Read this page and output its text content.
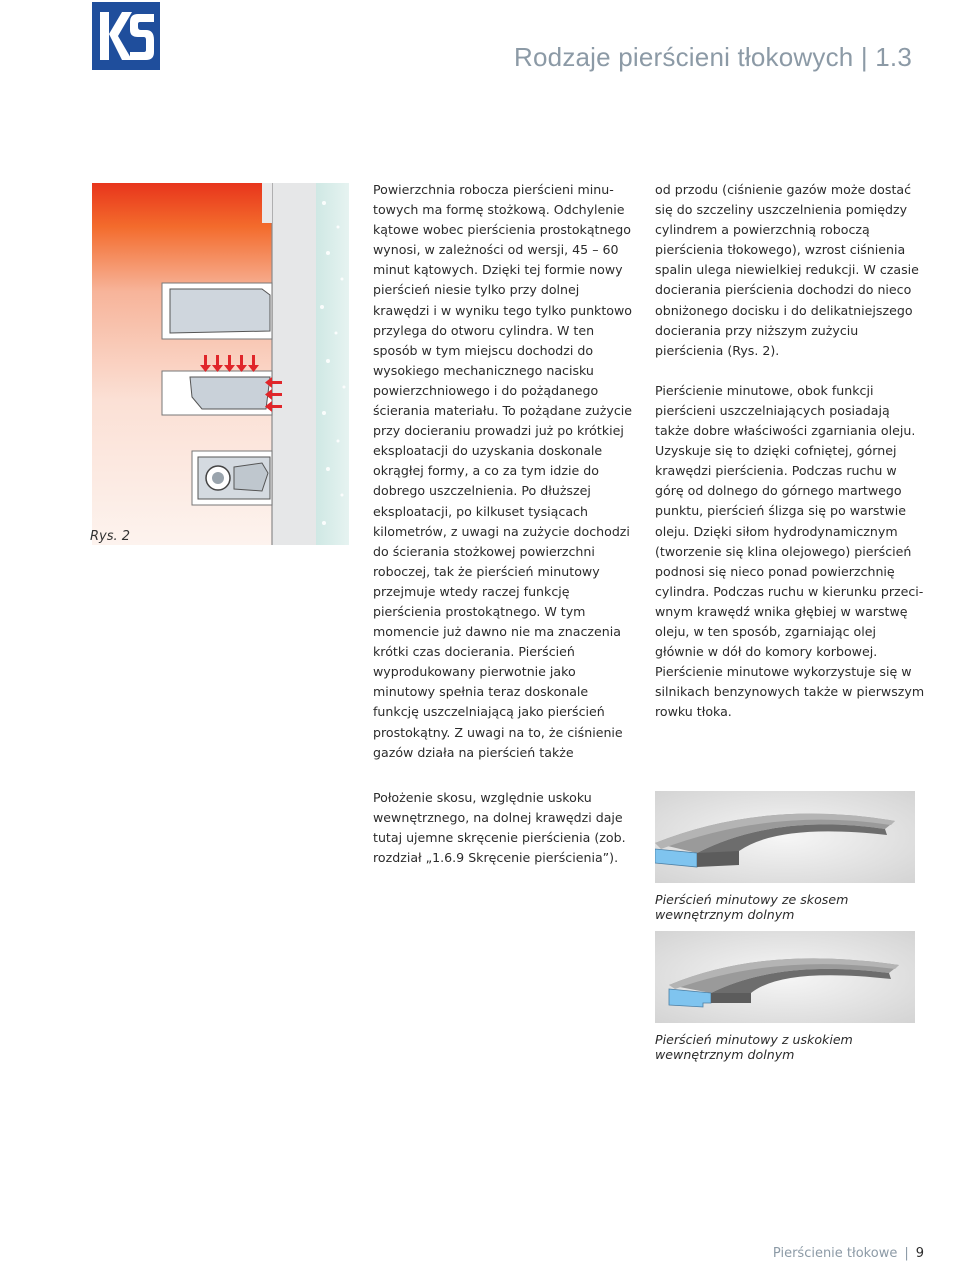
Rodzaje pierścieni tłokowych | 1.3
Rys. 2

Powierzchnia robocza pierścieni minutowych ma formę stożkową. Odchylenie kątowe wobec pierścienia prostokątnego wynosi, w zależności od wersji, 45 – 60 minut kątowych. Dzięki tej formie nowy pierścień niesie tylko przy dolnej krawędzi i w wyniku tego tylko punktowo przylega do otworu cylindra. W ten sposób w tym miejscu dochodzi do wysokiego mechanicznego nacisku powierzchniowego i do pożądanego ścierania materiału. To pożądane zużycie przy docieraniu prowadzi już po krótkiej eksploatacji do uzyskania doskonale okrągłej formy, a co za tym idzie do dobrego uszczelnienia. Po dłuższej eksploatacji, po kilkuset tysiącach kilometrów, z uwagi na zużycie dochodzi do ścierania stożkowej powierzchni roboczej, tak że pierścień minutowy przejmuje wtedy raczej funkcję pierścienia prostokątnego. W tym momencie już dawno nie ma znaczenia krótki czas docierania. Pierścień wyprodukowany pierwotnie jako minutowy spełnia teraz doskonale funkcję uszczelniającą jako pierścień prostokątny. Z uwagi na to, że ciśnienie gazów działa na pierścień także

od przodu (ciśnienie gazów może dostać się do szczeliny uszczelnienia pomiędzy cylindrem a powierzchnią roboczą pierścienia tłokowego), wzrost ciśnienia spalin ulega niewielkiej redukcji. W czasie docierania pierścienia dochodzi do nieco obniżonego docisku i do delikatniejszego docierania przy niższym zużyciu pierścienia (Rys. 2).

Pierścienie minutowe, obok funkcji pierścieni uszczelniających posiadają także dobre właściwości zgarniania oleju. Uzyskuje się to dzięki cofniętej, górnej krawędzi pierścienia. Podczas ruchu w górę od dolnego do górnego martwego punktu, pierścień ślizga się po warstwie oleju. Dzięki siłom hydrodynamicznym (tworzenie się klina olejowego) pierścień podnosi się nieco ponad powierzchnię cylindra. Podczas ruchu w kierunku przeciwnym krawędź wnika głębiej w warstwę oleju, w ten sposób, zgarniając olej głównie w dół do komory korbowej. Pierścienie minutowe wykorzystuje się w silnikach benzynowych także w pierwszym rowku tłoka.

Położenie skosu, względnie uskoku wewnętrznego, na dolnej krawędzi daje tutaj ujemne skręcenie pierścienia (zob. rozdział „1.6.9 Skręcenie pierścienia”).

Pierścień minutowy ze skosem wewnętrznym dolnym
Pierścień minutowy z uskokiem wewnętrznym dolnym
Pierścienie tłokowe | 9
